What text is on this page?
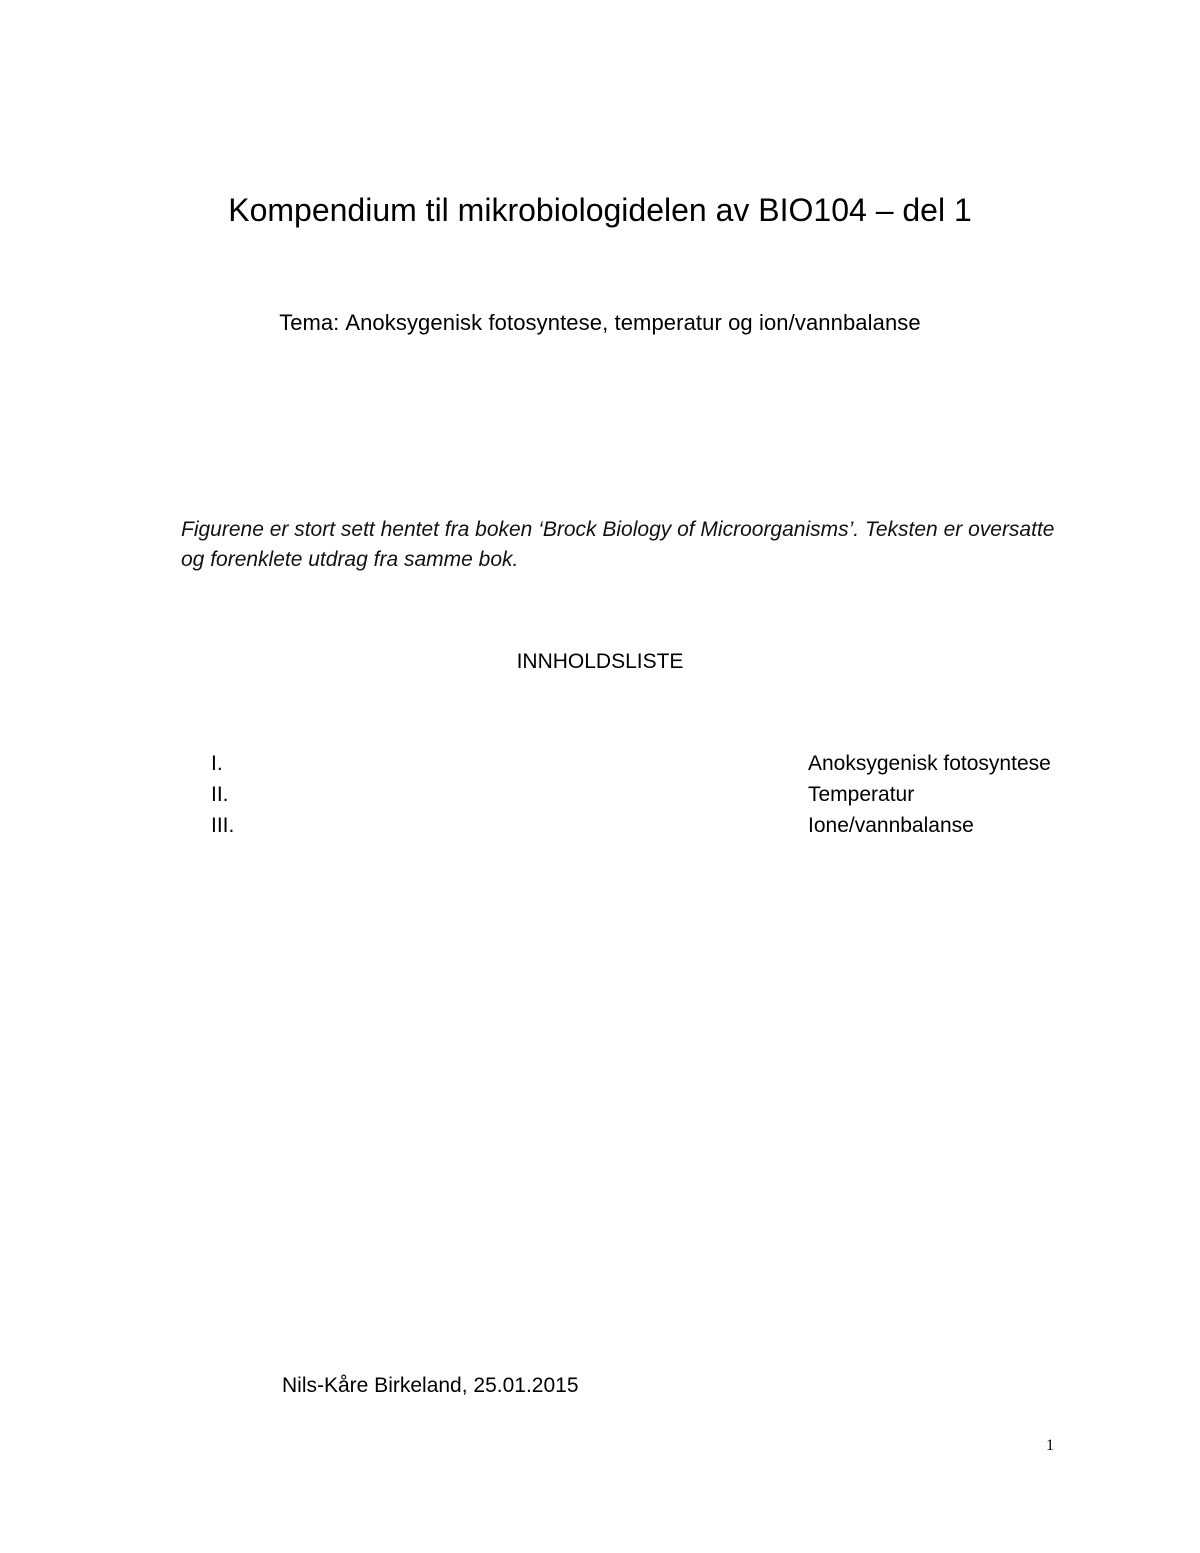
Kompendium til mikrobiologidelen av BIO104 – del 1
Tema: Anoksygenisk fotosyntese, temperatur og ion/vannbalanse
Figurene er stort sett hentet fra boken ‘Brock Biology of Microorganisms’. Teksten er oversatte og forenklete utdrag fra samme bok.
INNHOLDSLISTE
I.	Anoksygenisk fotosyntese
II.	Temperatur
III.	Ione/vannbalanse
Nils-Kåre Birkeland, 25.01.2015
1
